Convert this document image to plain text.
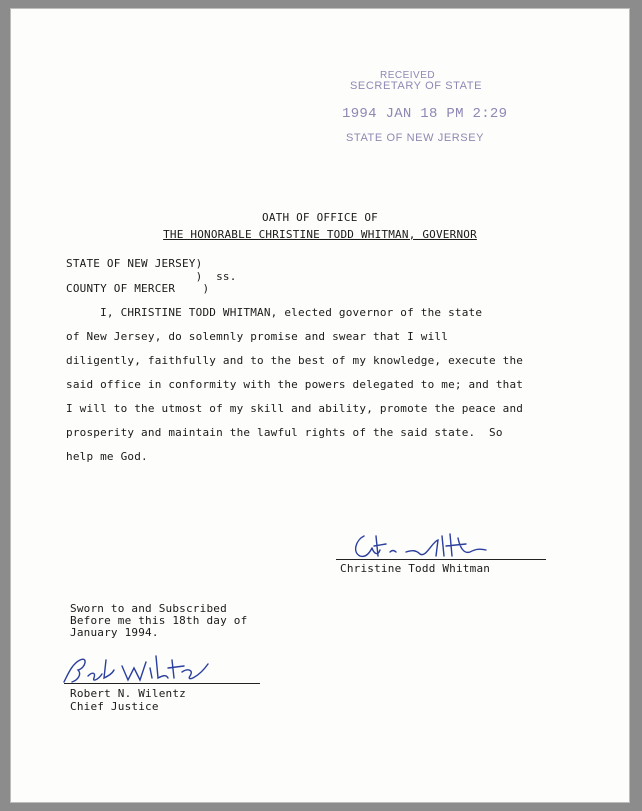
RECEIVED
SECRETARY OF STATE
1994 JAN 18 PM 2:29
STATE OF NEW JERSEY
OATH OF OFFICE OF
THE HONORABLE CHRISTINE TODD WHITMAN, GOVERNOR
STATE OF NEW JERSEY)
)  ss.
COUNTY OF MERCER    )
I, CHRISTINE TODD WHITMAN, elected governor of the state
of New Jersey, do solemnly promise and swear that I will
diligently, faithfully and to the best of my knowledge, execute the
said office in conformity with the powers delegated to me; and that
I will to the utmost of my skill and ability, promote the peace and
prosperity and maintain the lawful rights of the said state.  So
help me God.
Christine Todd Whitman
Sworn to and Subscribed
Before me this 18th day of
January 1994.
Robert N. Wilentz
Chief Justice
